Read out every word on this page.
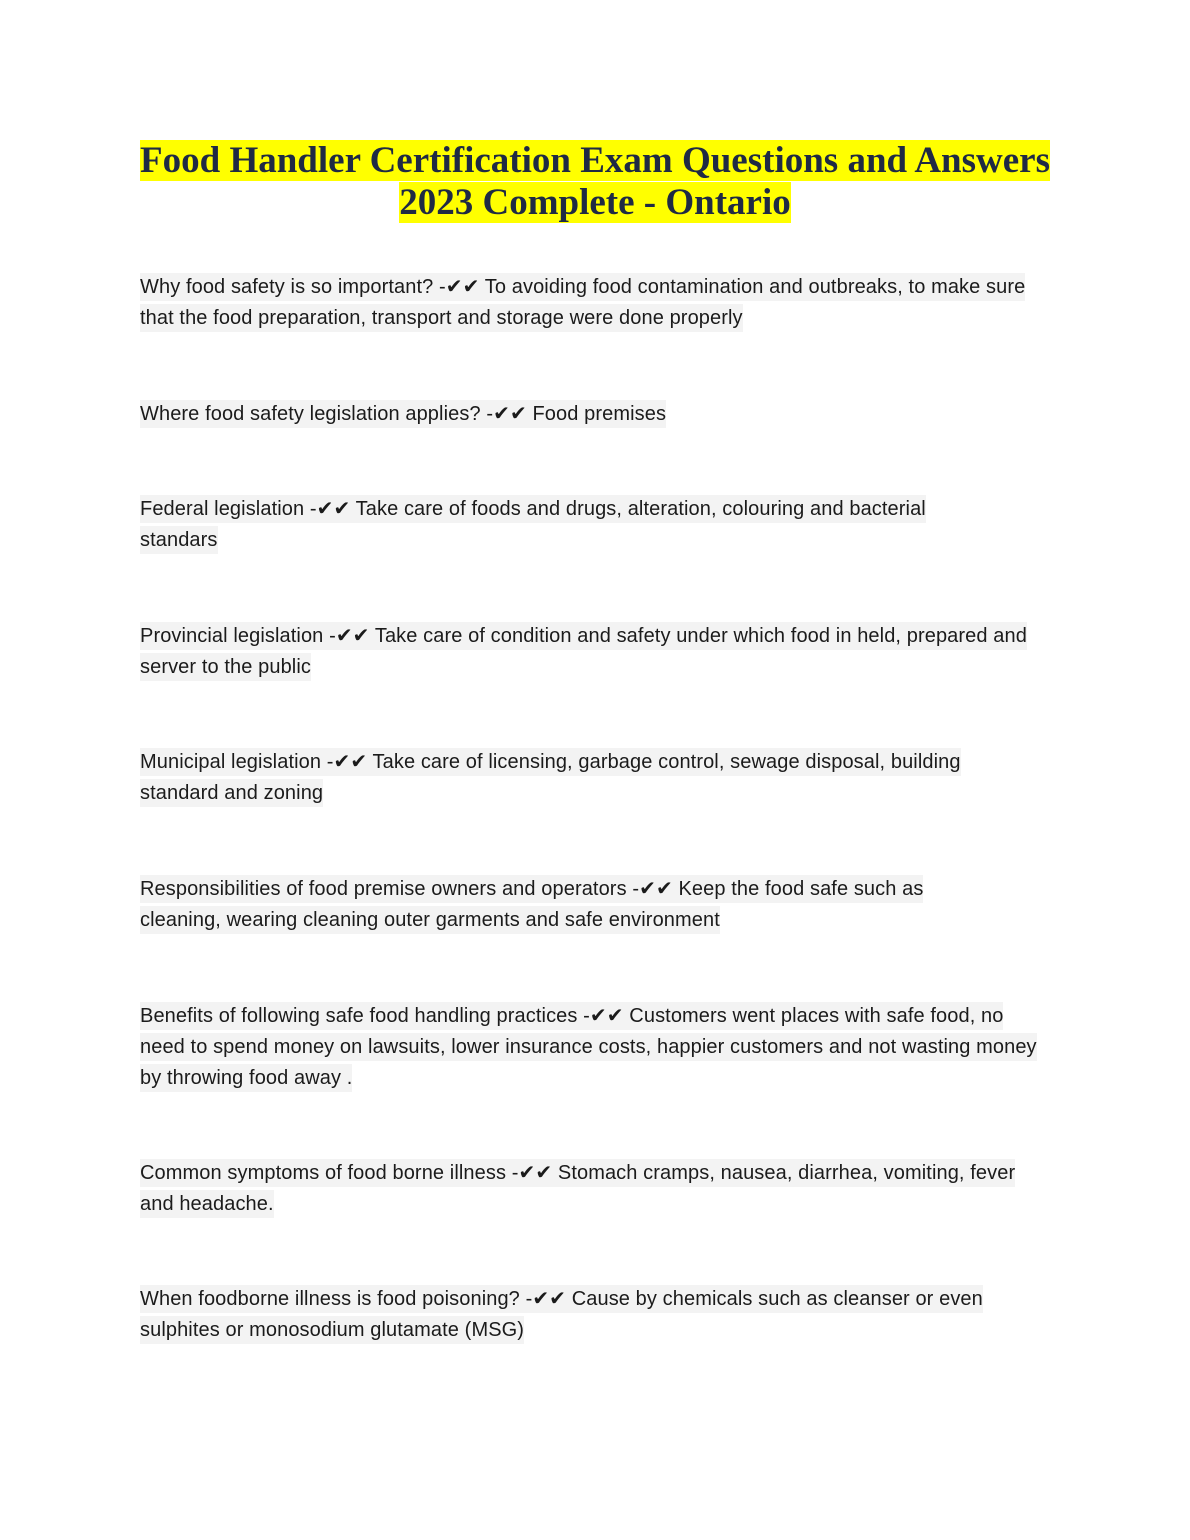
Food Handler Certification Exam Questions and Answers
2023 Complete - Ontario
Why food safety is so important? -✔✔ To avoiding food contamination and outbreaks, to make sure that the food preparation, transport and storage were done properly
Where food safety legislation applies? -✔✔ Food premises
Federal legislation -✔✔ Take care of foods and drugs, alteration, colouring and bacterial standars
Provincial legislation -✔✔ Take care of condition and safety under which food in held, prepared and server to the public
Municipal legislation -✔✔ Take care of licensing, garbage control, sewage disposal, building standard and zoning
Responsibilities of food premise owners and operators -✔✔ Keep the food safe such as cleaning, wearing cleaning outer garments and safe environment
Benefits of following safe food handling practices -✔✔ Customers went places with safe food, no need to spend money on lawsuits, lower insurance costs, happier customers and not wasting money by throwing food away .
Common symptoms of food borne illness -✔✔ Stomach cramps, nausea, diarrhea, vomiting, fever and headache.
When foodborne illness is food poisoning? -✔✔ Cause by chemicals such as cleanser or even sulphites or monosodium glutamate (MSG)
